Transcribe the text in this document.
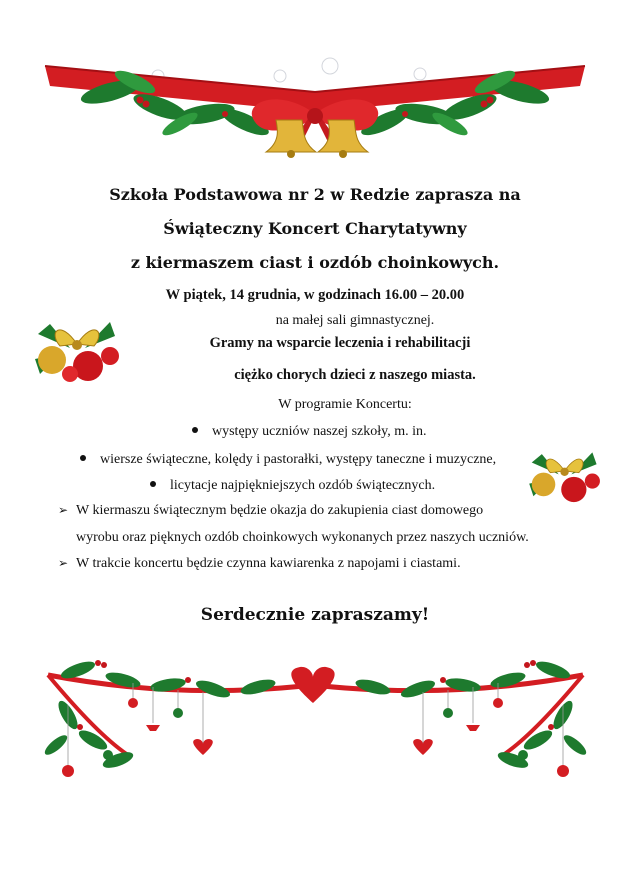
Szkoła Podstawowa nr 2 w Redzie zaprasza na
Świąteczny Koncert Charytatywny
z kiermaszem ciast i ozdób choinkowych.
W piątek, 14 grudnia, w godzinach 16.00 – 20.00
na małej sali gimnastycznej.
Gramy na wsparcie leczenia i rehabilitacji
ciężko chorych dzieci z naszego miasta.
W programie Koncertu:
występy uczniów naszej szkoły, m. in.
wiersze świąteczne, kolędy i pastorałki, występy taneczne i muzyczne,
licytacje najpiękniejszych ozdób świątecznych.
➢ W kiermaszu świątecznym będzie okazja do zakupienia ciast domowego
wyrobu oraz pięknych ozdób choinkowych wykonanych przez naszych uczniów.
➢ W trakcie koncertu będzie czynna kawiarenka z napojami i ciastami.
Serdecznie zapraszamy!
